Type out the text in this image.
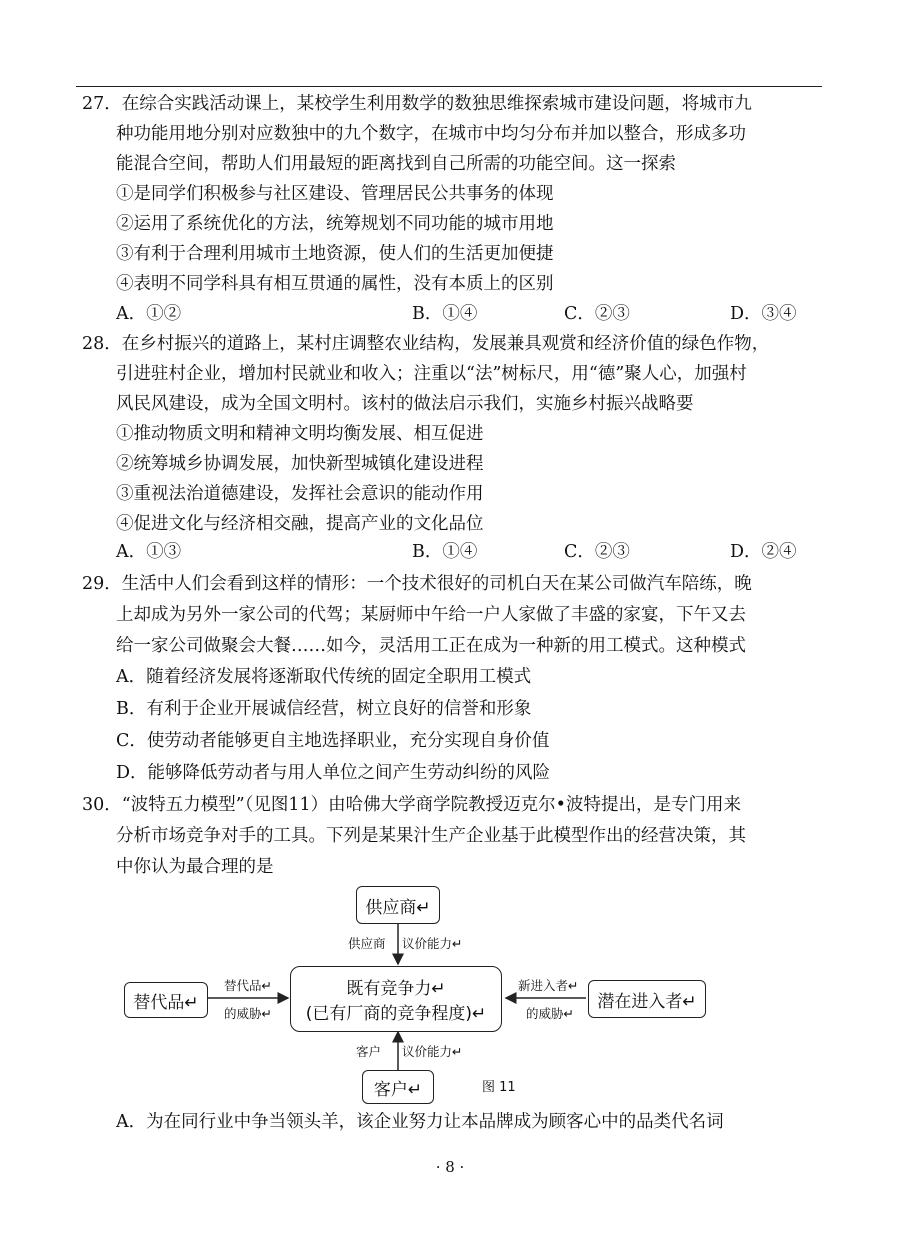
27．在综合实践活动课上，某校学生利用数学的数独思维探索城市建设问题，将城市九
种功能用地分别对应数独中的九个数字，在城市中均匀分布并加以整合，形成多功
能混合空间，帮助人们用最短的距离找到自己所需的功能空间。这一探索
①是同学们积极参与社区建设、管理居民公共事务的体现
②运用了系统优化的方法，统筹规划不同功能的城市用地
③有利于合理利用城市土地资源，使人们的生活更加便捷
④表明不同学科具有相互贯通的属性，没有本质上的区别
A．①②	B．①④	C．②③	D．③④
28．在乡村振兴的道路上，某村庄调整农业结构，发展兼具观赏和经济价值的绿色作物，
引进驻村企业，增加村民就业和收入；注重以“法”树标尺，用“德”聚人心，加强村
风民风建设，成为全国文明村。该村的做法启示我们，实施乡村振兴战略要
①推动物质文明和精神文明均衡发展、相互促进
②统筹城乡协调发展，加快新型城镇化建设进程
③重视法治道德建设，发挥社会意识的能动作用
④促进文化与经济相交融，提高产业的文化品位
A．①③	B．①④	C．②③	D．②④
29．生活中人们会看到这样的情形：一个技术很好的司机白天在某公司做汽车陪练，晚
上却成为另外一家公司的代驾；某厨师中午给一户人家做了丰盛的家宴，下午又去
给一家公司做聚会大餐……如今，灵活用工正在成为一种新的用工模式。这种模式
A．随着经济发展将逐渐取代传统的固定全职用工模式
B．有利于企业开展诚信经营，树立良好的信誉和形象
C．使劳动者能够更自主地选择职业，充分实现自身价值
D．能够降低劳动者与用人单位之间产生劳动纠纷的风险
30．“波特五力模型”（见图11）由哈佛大学商学院教授迈克尔•波特提出，是专门用来
分析市场竞争对手的工具。下列是某果汁生产企业基于此模型作出的经营决策，其
中你认为最合理的是
供应商↵
供应商 议价能力↵
既有竞争力↵
(已有厂商的竞争程度)↵
替代品↵
替代品↵
的威胁↵
潜在进入者↵
新进入者↵
的威胁↵
客户 议价能力↵
客户↵	图 11
A．为在同行业中争当领头羊，该企业努力让本品牌成为顾客心中的品类代名词
· 8 ·
